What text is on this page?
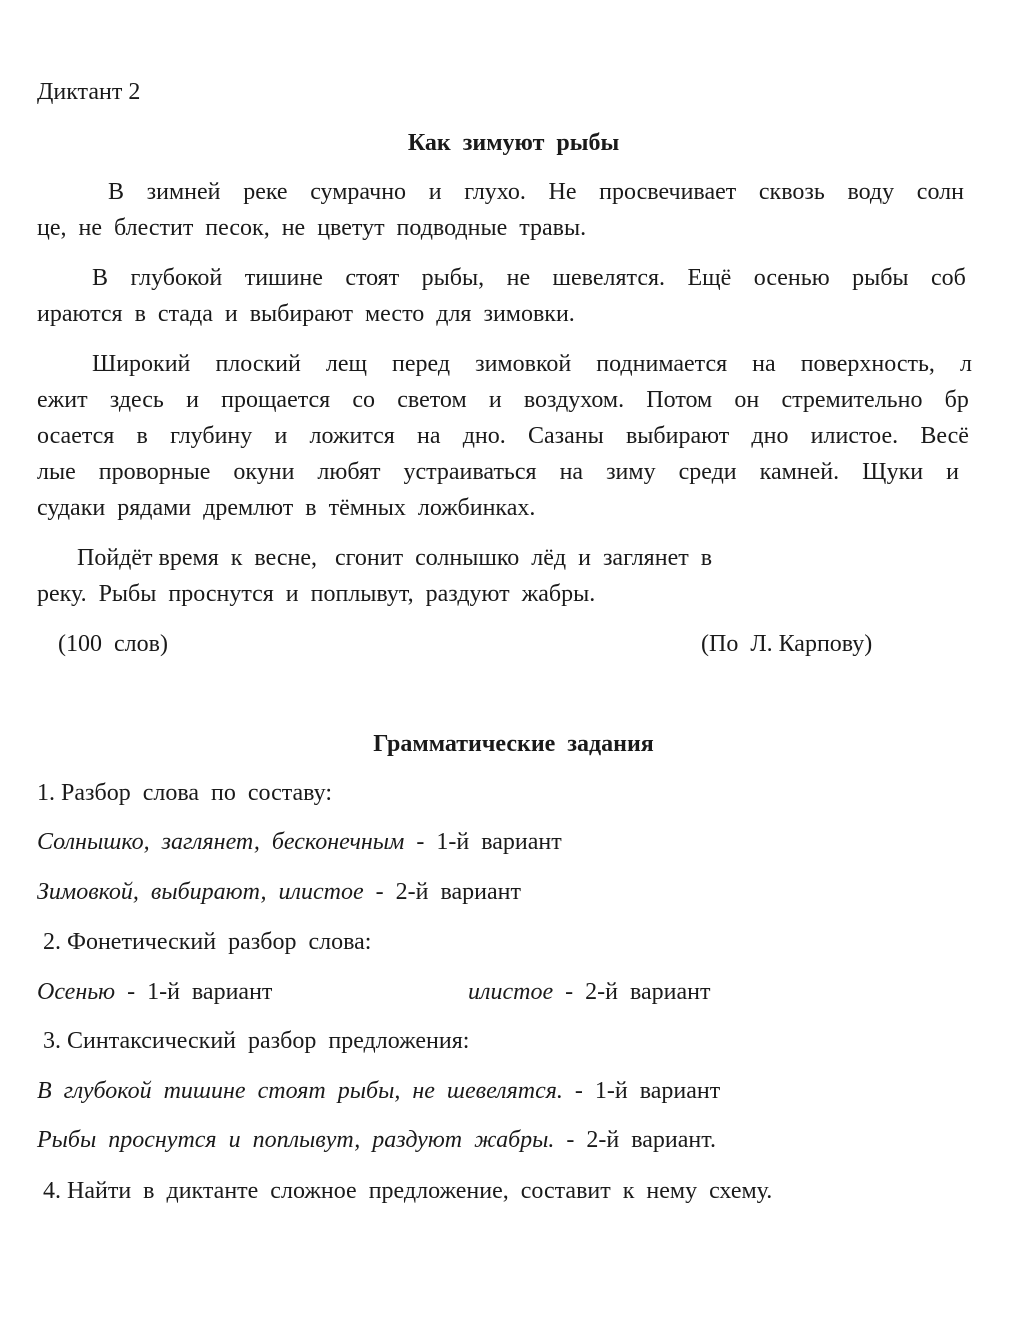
Диктант 2
Как  зимуют  рыбы
В зимней реке сумрачно и глухо. Не просвечивает сквозь воду солн
це,  не  блестит  песок,  не  цветут  подводные  травы.
В глубокой тишине стоят рыбы, не шевелятся. Ещё осенью рыбы соб
ираются  в  стада  и  выбирают  место  для  зимовки.
Широкий плоский лещ перед зимовкой поднимается на поверхность, л
ежит здесь и прощается со светом и воздухом. Потом он стремительно бр
осается в глубину и ложится на дно. Сазаны выбирают дно илистое. Весё
лые проворные окуни любят устраиваться на зиму среди камней. Щуки и
судаки  рядами  дремлют  в  тёмных  ложбинках.
Пойдёт время  к  весне,   сгонит  солнышко  лёд  и  заглянет  в
реку.  Рыбы  проснутся  и  поплывут,  раздуют  жабры.
(100  слов)	(По  Л. Карпову)
Грамматические  задания
1. Разбор  слова  по  составу:
Солнышко,  заглянет,  бесконечным  -  1-й  вариант
Зимовкой,  выбирают,  илистое  -  2-й  вариант
2. Фонетический  разбор  слова:
Осенью  -  1-й  вариант	илистое  -  2-й  вариант
3. Синтаксический  разбор  предложения:
В  глубокой  тишине  стоят  рыбы,  не  шевелятся.  -  1-й  вариант
Рыбы  проснутся  и  поплывут,  раздуют  жабры.  -  2-й  вариант.
4. Найти  в  диктанте  сложное  предложение,  составит  к  нему  схему.
